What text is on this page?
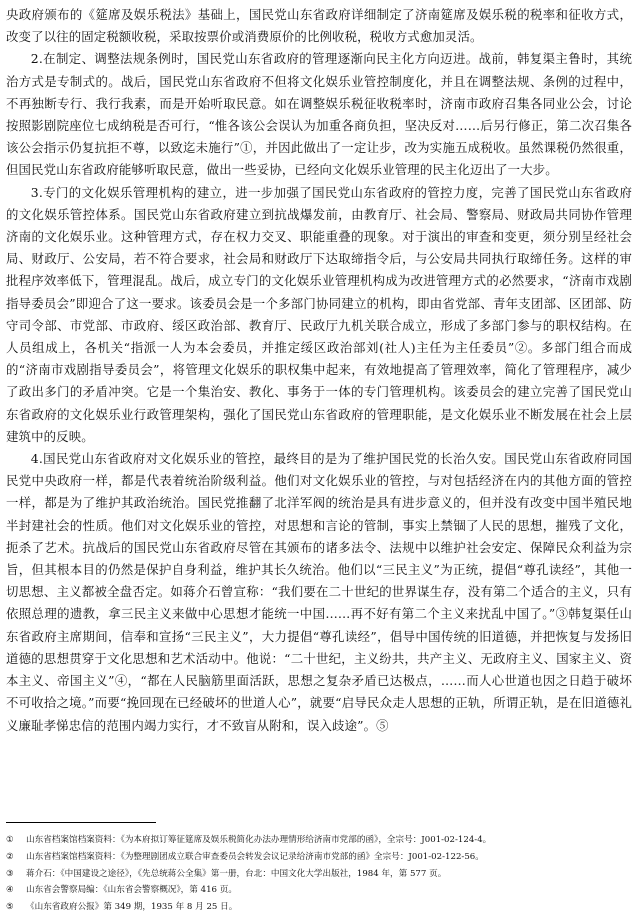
央政府颁布的《筵席及娱乐税法》基础上，国民党山东省政府详细制定了济南筵席及娱乐税的税率和征收方式，改变了以往的固定税额收税，采取按票价或消费原价的比例收税，税收方式愈加灵活。

2.在制定、调整法规条例时，国民党山东省政府的管理逐渐向民主化方向迈进。战前，韩复渠主鲁时，其统治方式是专制式的。战后，国民党山东省政府不但将文化娱乐业管控制度化，并且在调整法规、条例的过程中，不再独断专行、我行我素，而是开始听取民意。如在调整娱乐税征收税率时，济南市政府召集各同业公会，讨论按照影剧院座位七成纳税是否可行，“惟各该公会误认为加重各商负担，坚决反对……后另行修正，第二次召集各该公会指示仍复抗拒不尊，以致迄未施行”①，并因此做出了一定让步，改为实施五成税收。虽然课税仍然很重，但国民党山东省政府能够听取民意，做出一些妥协，已经向文化娱乐业管理的民主化迈出了一大步。

3.专门的文化娱乐管理机构的建立，进一步加强了国民党山东省政府的管控力度，完善了国民党山东省政府的文化娱乐管控体系。国民党山东省政府建立到抗战爆发前，由教育厅、社会局、警察局、财政局共同协作管理济南的文化娱乐业。这种管理方式，存在权力交叉、职能重叠的现象。对于演出的审查和变更，须分别呈经社会局、财政厅、公安局，若不符合要求，社会局和财政厅下达取缔指令后，与公安局共同执行取缔任务。这样的审批程序效率低下，管理混乱。战后，成立专门的文化娱乐业管理机构成为改进管理方式的必然要求，“济南市戏剧指导委员会”即迎合了这一要求。该委员会是一个多部门协同建立的机构，即由省党部、青年支团部、区团部、防守司令部、市党部、市政府、绥区政治部、教育厅、民政厅九机关联合成立，形成了多部门参与的职权结构。在人员组成上，各机关“指派一人为本会委员，并推定绥区政治部刘(社人)主任为主任委员”②。多部门组合而成的“济南市戏剧指导委员会”，将管理文化娱乐的职权集中起来，有效地提高了管理效率，简化了管理程序，减少了政出多门的矛盾冲突。它是一个集治安、教化、事务于一体的专门管理机构。该委员会的建立完善了国民党山东省政府的文化娱乐业行政管理架构，强化了国民党山东省政府的管理职能，是文化娱乐业不断发展在社会上层建筑中的反映。

4.国民党山东省政府对文化娱乐业的管控，最终目的是为了维护国民党的长治久安。国民党山东省政府同国民党中央政府一样，都是代表着统治阶级利益。他们对文化娱乐业的管控，与对包括经济在内的其他方面的管控一样，都是为了维护其政治统治。国民党推翻了北洋军阀的统治是具有进步意义的，但并没有改变中国半殖民地半封建社会的性质。他们对文化娱乐业的管控，对思想和言论的管制，事实上禁锢了人民的思想，摧残了文化，扼杀了艺术。抗战后的国民党山东省政府尽管在其颁布的诸多法令、法规中以维护社会安定、保障民众利益为宗旨，但其根本目的仍然是保护自身利益，维护其长久统治。他们以“三民主义”为正统，提倡“尊孔读经”，其他一切思想、主义都被全盘否定。如蒋介石曾宣称：“我们要在二十世纪的世界谋生存，没有第二个适合的主义，只有依照总理的遗教，拿三民主义来做中心思想才能统一中国……再不好有第二个主义来扰乱中国了。”③韩复渠任山东省政府主席期间，信奉和宣扬“三民主义”，大力提倡“尊孔读经”，倡导中国传统的旧道德，并把恢复与发扬旧道德的思想贯穿于文化思想和艺术活动中。他说：“二十世纪，主义纷共，共产主义、无政府主义、国家主义、资本主义、帝国主义”④，“都在人民脑筋里面活跃，思想之复杂矛盾已达极点，……而人心世道也因之日趋于破坏不可收拾之境。”而要“挽回现在已经破坏的世道人心”，就要“启导民众走人思想的正轨，所谓正轨，是在旧道德礼义廉耻孝悌忠信的范围内竭力实行，才不致盲从附和，误入歧途”。⑤

①	山东省档案馆档案资料：《为本府拟订筹征筵席及娱乐税简化办法办理情形给济南市党部的函》，全宗号：J001-02-124-4。
②	山东省档案馆档案资料：《为整理剧团成立联合审查委员会转发会议记录给济南市党部的函》全宗号：J001-02-122-56。
③	蒋介石：《中国建设之途径》，《先总统蒋公全集》第一册，台北：中国文化大学出版社，1984 年，第 577 页。
④	山东省会警察局编：《山东省会警察概况》，第 416 页。
⑤	《山东省政府公报》第 349 期，1935 年 8 月 25 日。
